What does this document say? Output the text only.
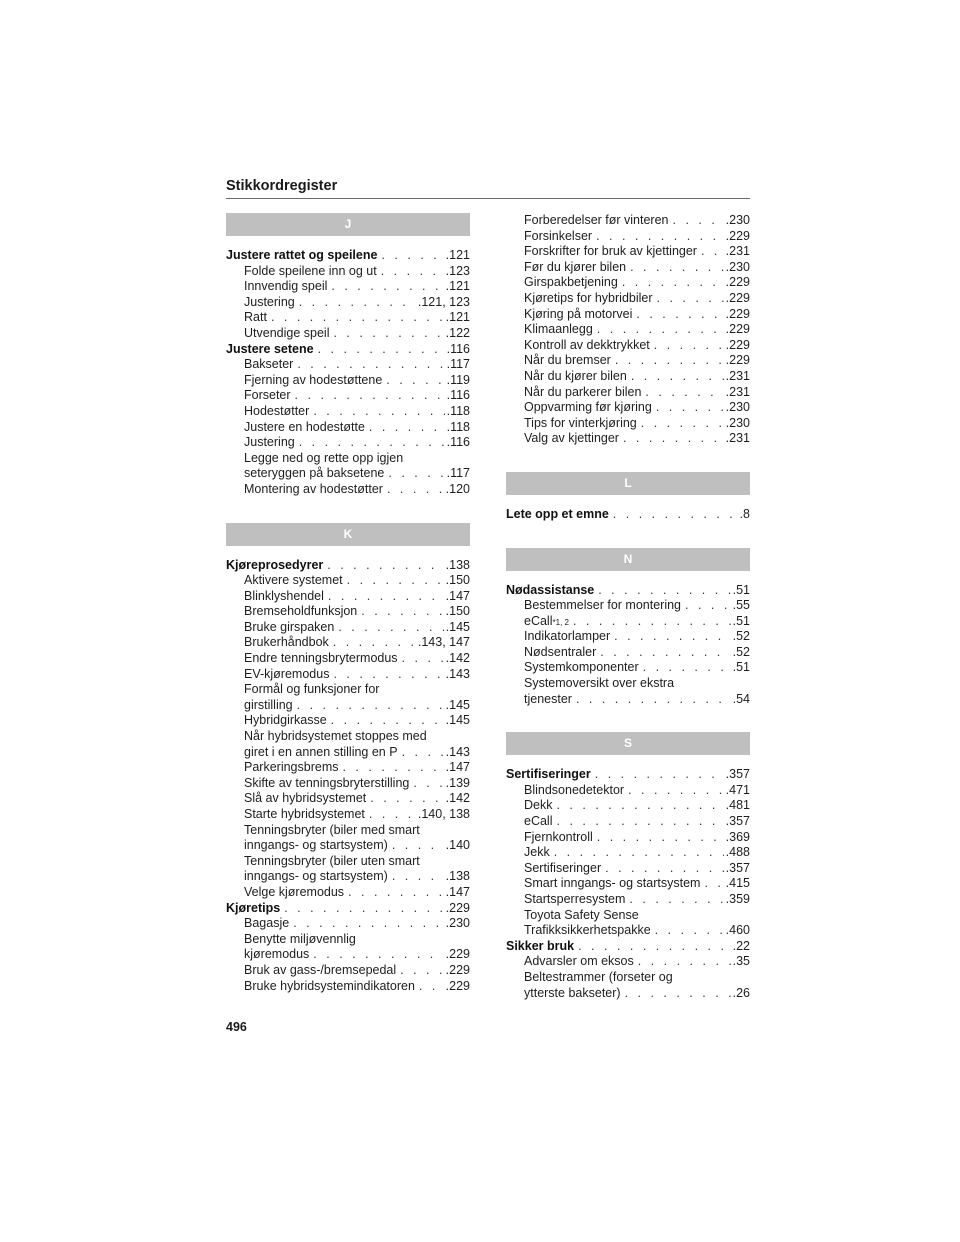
Stikkordregister
J
Justere rattet og speilene . . .	.121
Folde speilene inn og ut . . .	.123
Innvendig speil . . .	.121
Justering . . .	.121, 123
Ratt . . .	.121
Utvendige speil . . .	.122
Justere setene . . .	.116
Bakseter . . .	.117
Fjerning av hodestøttene . . .	.119
Forseter . . .	.116
Hodestøtter . . .	.118
Justere en hodestøtte . . .	.118
Justering . . .	.116
Legge ned og rette opp igjen
seteryggen på baksetene . . .	.117
Montering av hodestøtter . . .	.120
K
Kjøreprosedyrer . . .	.138
Aktivere systemet . . .	.150
Blinklyshendel . . .	.147
Bremseholdfunksjon . . .	.150
Bruke girspaken . . .	.145
Brukerhåndbok . . .	.143, 147
Endre tenningsbrytermodus . . .	.142
EV-kjøremodus . . .	.143
Formål og funksjoner for
girstilling . . .	.145
Hybridgirkasse . . .	.145
Når hybridsystemet stoppes med
giret i en annen stilling en P . . .	.143
Parkeringsbrems . . .	.147
Skifte av tenningsbryterstilling . . .	.139
Slå av hybridsystemet . . .	.142
Starte hybridsystemet . . .	.140, 138
Tenningsbryter (biler med smart
inngangs- og startsystem) . . .	.140
Tenningsbryter (biler uten smart
inngangs- og startsystem) . . .	.138
Velge kjøremodus . . .	.147
Kjøretips . . .	.229
Bagasje . . .	.230
Benytte miljøvennlig
kjøremodus . . .	.229
Bruk av gass-/bremsepedal . . .	.229
Bruke hybridsystemindikatoren . . . .229
Forberedelser før vinteren . . .	.230
Forsinkelser . . .	.229
Forskrifter for bruk av kjettinger . . . .231
Før du kjører bilen . . .	.230
Girspakbetjening . . .	.229
Kjøretips for hybridbiler . . .	.229
Kjøring på motorvei . . .	.229
Klimaanlegg . . .	.229
Kontroll av dekktrykket . . .	.229
Når du bremser . . .	.229
Når du kjører bilen . . .	.231
Når du parkerer bilen . . .	.231
Oppvarming før kjøring . . .	.230
Tips for vinterkjøring . . .	.230
Valg av kjettinger . . .	.231
L
Lete opp et emne . . .	.8
N
Nødassistanse . . .	.51
Bestemmelser for montering . . .	.55
eCall *1, 2 . . .	.51
Indikatorlamper . . .	.52
Nødsentraler . . .	.52
Systemkomponenter . . .	.51
Systemoversikt over ekstra
tjenester . . .	.54
S
Sertifiseringer . . .	.357
Blindsonedetektor . . .	.471
Dekk . . .	.481
eCall . . .	.357
Fjernkontroll . . .	.369
Jekk . . .	.488
Sertifiseringer . . .	.357
Smart inngangs- og startsystem . . . .415
Startsperresystem . . .	.359
Toyota Safety Sense
Trafikksikkerhetspakke . . .	.460
Sikker bruk . . .	.22
Advarsler om eksos . . .	.35
Beltestrammer (forseter og
ytterste bakseter) . . .	.26
496
